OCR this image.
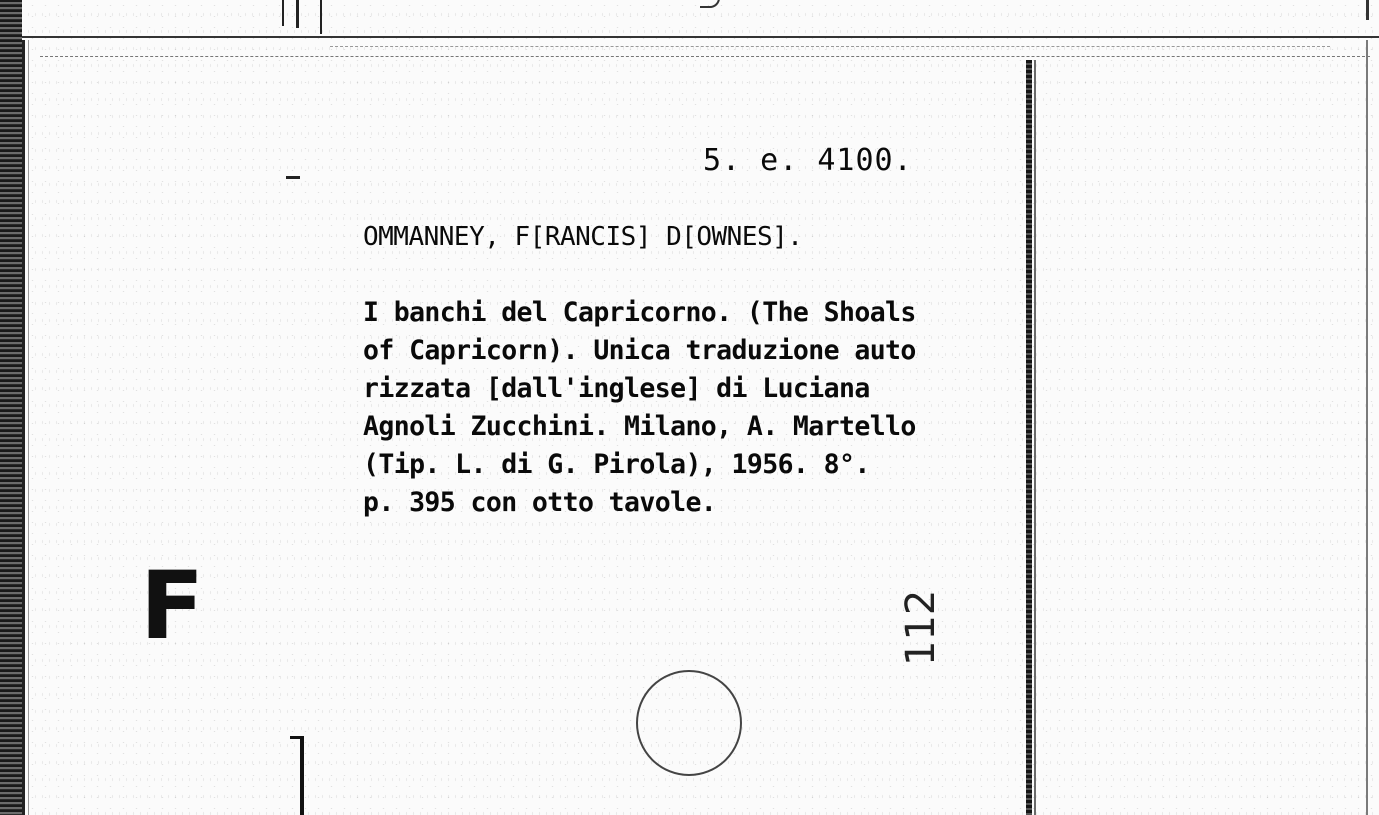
5. e. 4100.
OMMANNEY, F[RANCIS] D[OWNES].
I banchi del Capricorno. (The Shoals
of Capricorn). Unica traduzione auto
rizzata [dall'inglese] di Luciana
Agnoli Zucchini. Milano, A. Martello
(Tip. L. di G. Pirola), 1956. 8°.
p. 395 con otto tavole.
F	112
